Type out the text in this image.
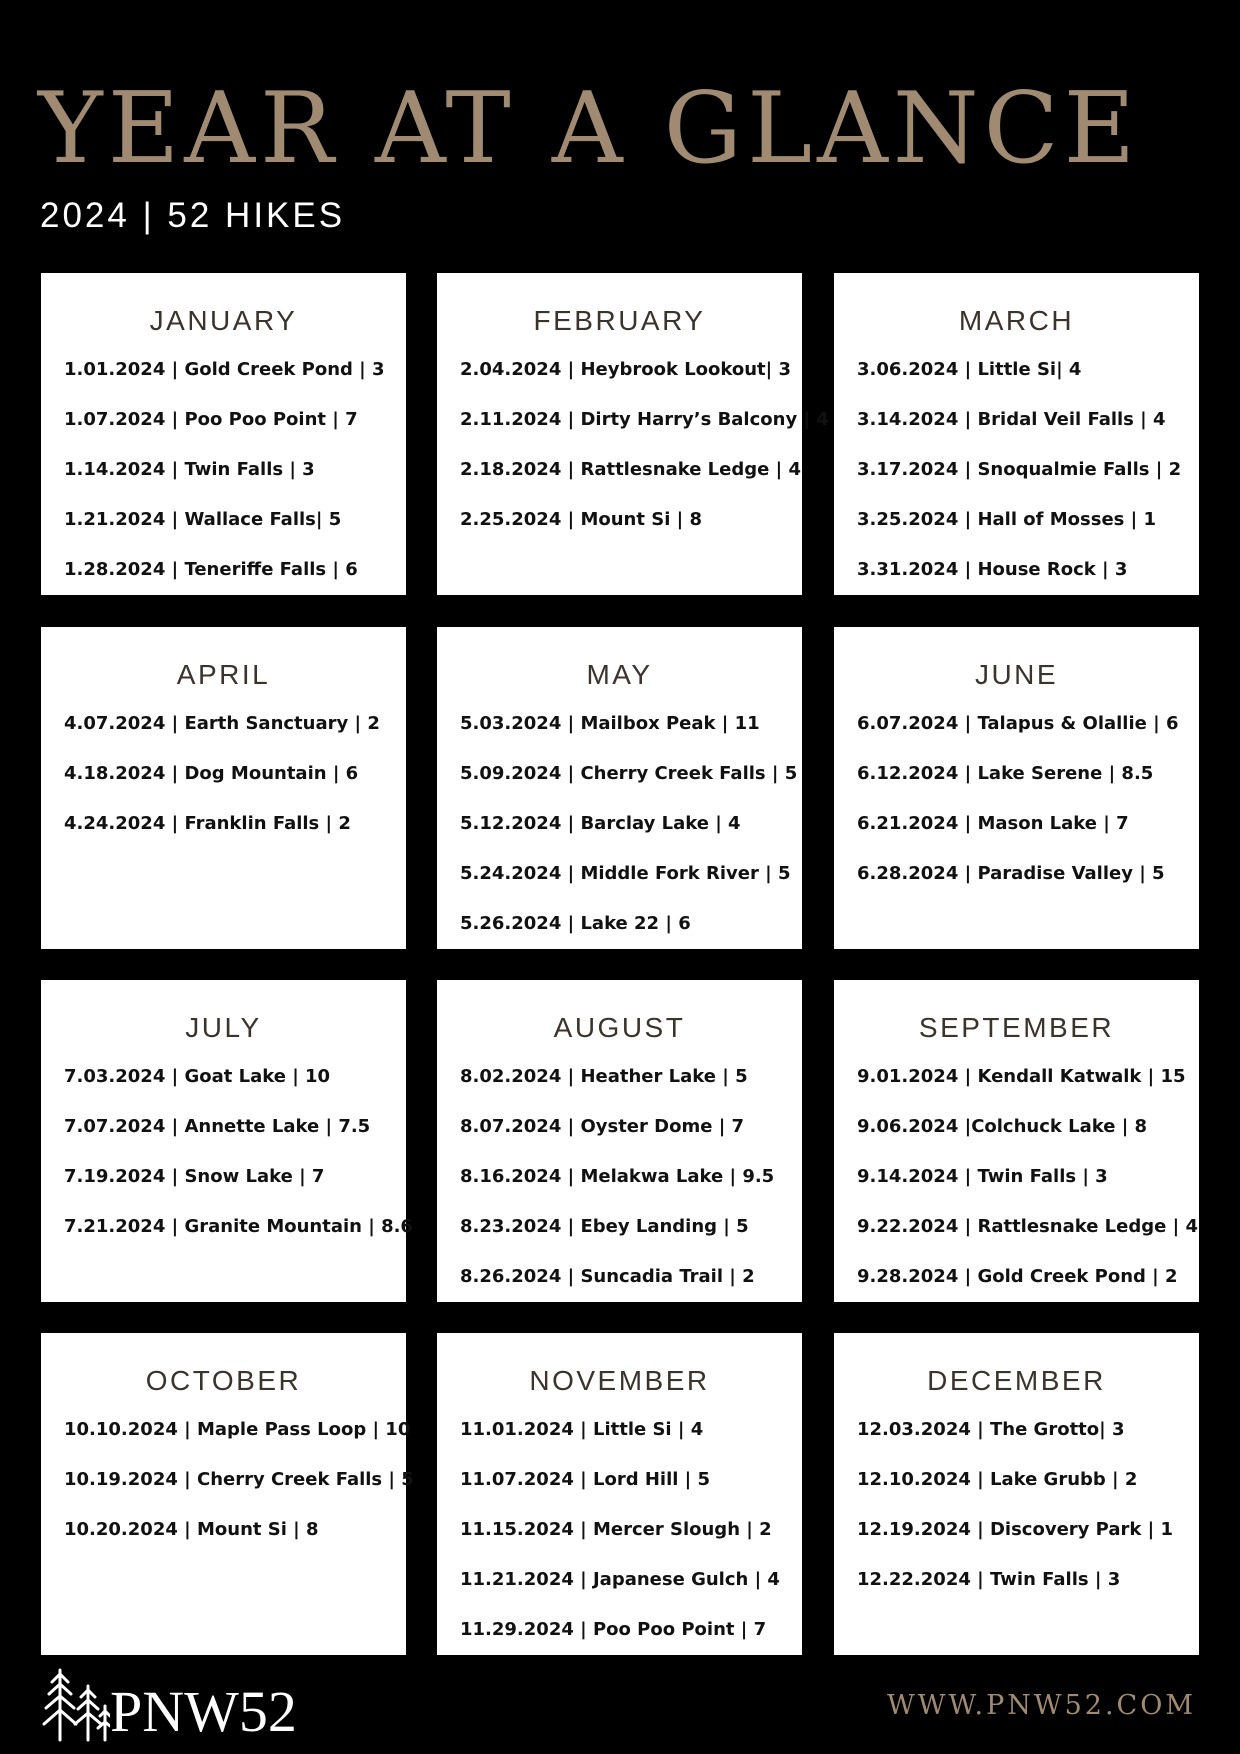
YEAR AT A GLANCE
2024 | 52 HIKES
JANUARY
1.01.2024 | Gold Creek Pond | 3
1.07.2024 | Poo Poo Point | 7
1.14.2024 | Twin Falls | 3
1.21.2024 | Wallace Falls| 5
1.28.2024 | Teneriffe Falls | 6
FEBRUARY
2.04.2024 | Heybrook Lookout| 3
2.11.2024 | Dirty Harry’s Balcony | 4
2.18.2024 | Rattlesnake Ledge | 4
2.25.2024 | Mount Si | 8
MARCH
3.06.2024 | Little Si| 4
3.14.2024 | Bridal Veil Falls | 4
3.17.2024 | Snoqualmie Falls | 2
3.25.2024 | Hall of Mosses | 1
3.31.2024 | House Rock | 3
APRIL
4.07.2024 | Earth Sanctuary | 2
4.18.2024 | Dog Mountain | 6
4.24.2024 | Franklin Falls | 2
MAY
5.03.2024 | Mailbox Peak | 11
5.09.2024 | Cherry Creek Falls | 5
5.12.2024 | Barclay Lake | 4
5.24.2024 | Middle Fork River | 5
5.26.2024 | Lake 22 | 6
JUNE
6.07.2024 | Talapus & Olallie | 6
6.12.2024 | Lake Serene | 8.5
6.21.2024 | Mason Lake | 7
6.28.2024 | Paradise Valley | 5
JULY
7.03.2024 | Goat Lake | 10
7.07.2024 | Annette Lake | 7.5
7.19.2024 | Snow Lake | 7
7.21.2024 | Granite Mountain | 8.6
AUGUST
8.02.2024 | Heather Lake | 5
8.07.2024 | Oyster Dome | 7
8.16.2024 | Melakwa Lake | 9.5
8.23.2024 | Ebey Landing | 5
8.26.2024 | Suncadia Trail | 2
SEPTEMBER
9.01.2024 | Kendall Katwalk | 15
9.06.2024 |Colchuck Lake | 8
9.14.2024 | Twin Falls | 3
9.22.2024 | Rattlesnake Ledge | 4
9.28.2024 | Gold Creek Pond | 2
OCTOBER
10.10.2024 | Maple Pass Loop | 10
10.19.2024 | Cherry Creek Falls | 5
10.20.2024 | Mount Si | 8
NOVEMBER
11.01.2024 | Little Si | 4
11.07.2024 | Lord Hill | 5
11.15.2024 | Mercer Slough | 2
11.21.2024 | Japanese Gulch | 4
11.29.2024 | Poo Poo Point | 7
DECEMBER
12.03.2024 | The Grotto| 3
12.10.2024 | Lake Grubb | 2
12.19.2024 | Discovery Park | 1
12.22.2024 | Twin Falls | 3
PNW52	WWW.PNW52.COM
